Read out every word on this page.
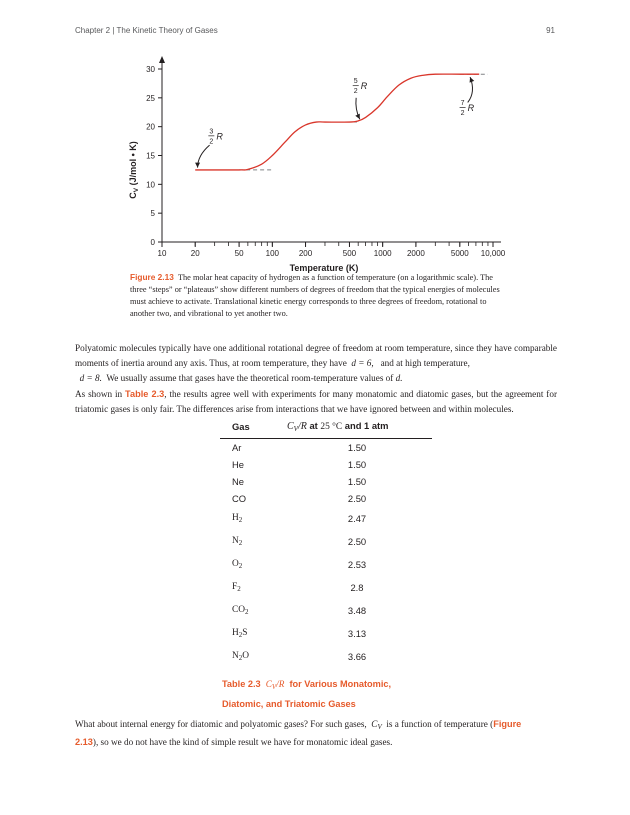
Chapter 2 | The Kinetic Theory of Gases	91
0
5
10
15
20
25
30
10	20	50	100 200	500 1000 2000	5000 10,000
3
2
R
5
2
R
7
2
R
Temperature (K)
$C_V$ (J/mol • K)
Figure 2.13 The molar heat capacity of hydrogen as a function of temperature (on a logarithmic scale). The three “steps” or “plateaus” show different numbers of degrees of freedom that the typical energies of molecules must achieve to activate. Translational kinetic energy corresponds to three degrees of freedom, rotational to another two, and vibrational to yet another two.
Polyatomic molecules typically have one additional rotational degree of freedom at room temperature, since they have comparable moments of inertia around any axis. Thus, at room temperature, they have d = 6, and at high temperature,
d = 8. We usually assume that gases have the theoretical room-temperature values of d.
As shown in Table 2.3, the results agree well with experiments for many monatomic and diatomic gases, but the agreement for triatomic gases is only fair. The differences arise from interactions that we have ignored between and within molecules.
Gas	$C_V/R$ at 25 °C and 1 atm
Ar	1.50
He	1.50
Ne	1.50
CO	2.50
$H_2$	2.47
$N_2$	2.50
$O_2$	2.53
$F_2$	2.8
$CO_2$	3.48
$H_2S$	3.13
$N_2O$	3.66
Table 2.3 $C_V/R$ for Various Monatomic,
Diatomic, and Triatomic Gases
What about internal energy for diatomic and polyatomic gases? For such gases, $C_V$ is a function of temperature (Figure
2.13), so we do not have the kind of simple result we have for monatomic ideal gases.
